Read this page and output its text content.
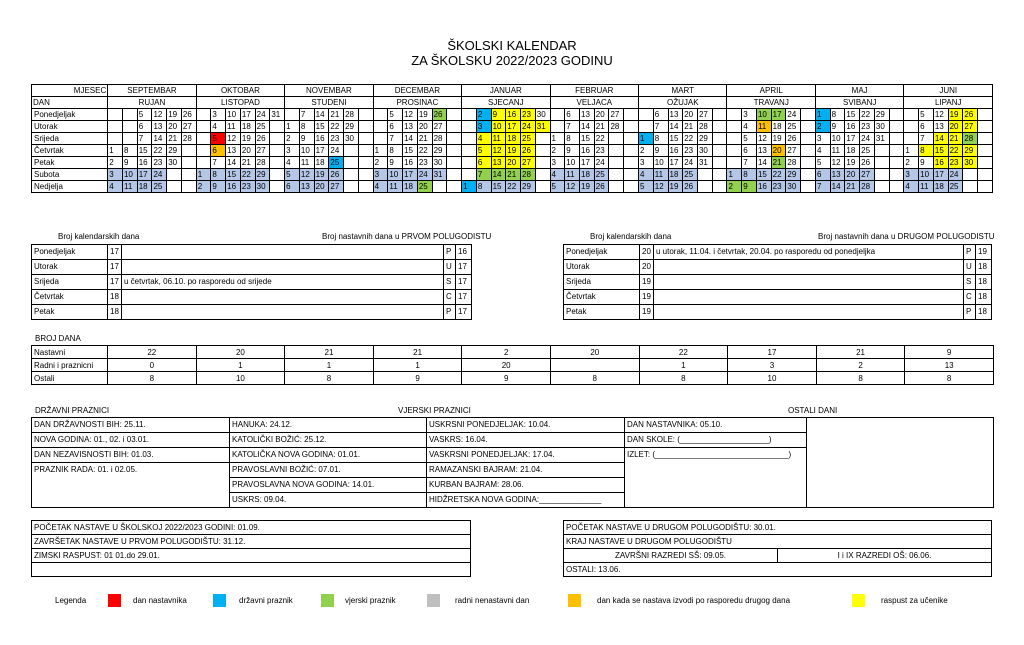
ŠKOLSKI KALENDAR
ZA ŠKOLSKU 2022/2023 GODINU
MJESEC	SEPTEMBAR						OKTOBAR						NOVEMBAR						DECEMBAR						JANUAR						FEBRUAR						MART						APRIL						MAJ						JUNI					
DAN	RUJAN						LISTOPAD						STUDENI						PROSINAC						SJECANJ						VELJACA						OŽUJAK						TRAVANJ						SVIBANJ						LIPANJ					
Ponedjeljak			5	12	19	26		3	10	17	24	31		7	14	21	28			5	12	19	26			2	9	16	23	30		6	13	20	27			6	13	20	27			3	10	17	24		1	8	15	22	29			5	12	19	26	
Utorak			6	13	20	27		4	11	18	25		1	8	15	22	29			6	13	20	27			3	10	17	24	31		7	14	21	28			7	14	21	28			4	11	18	25		2	9	16	23	30			6	13	20	27	
Srijeda			7	14	21	28		5	12	19	26		2	9	16	23	30			7	14	21	28			4	11	18	25		1	8	15	22			1	8	15	22	29			5	12	19	26		3	10	17	24	31			7	14	21	28	
Četvrtak	1	8	15	22	29			6	13	20	27		3	10	17	24			1	8	15	22	29			5	12	19	26		2	9	16	23			2	9	16	23	30			6	13	20	27		4	11	18	25			1	8	15	22	29	
Petak	2	9	16	23	30			7	14	21	28		4	11	18	25			2	9	16	23	30			6	13	20	27		3	10	17	24			3	10	17	24	31			7	14	21	28		5	12	19	26			2	9	16	23	30	
Subota	3	10	17	24			1	8	15	22	29		5	12	19	26			3	10	17	24	31			7	14	21	28		4	11	18	25			4	11	18	25			1	8	15	22	29		6	13	20	27			3	10	17	24		
Nedjelja	4	11	18	25			2	9	16	23	30		6	13	20	27			4	11	18	25			1	8	15	22	29		5	12	19	26			5	12	19	26			2	9	16	23	30		7	14	21	28			4	11	18	25		
Broj kalendarskih dana	Broj nastavnih dana u PRVOM POLUGODISTU
Ponedjeljak	17		P	16
Utorak	17		U	17
Srijeda	17	u četvrtak, 06.10. po rasporedu od srijede	S	17
Četvrtak	18		C	17
Petak	18		P	17
Broj kalendarskih dana	Broj nastavnih dana u DRUGOM POLUGODISTU
Ponedjeljak	20	u utorak, 11.04. i četvrtak, 20.04. po rasporedu od ponedjeljka	P	19
Utorak	20		U	18
Srijeda	19		S	18
Četvrtak	19		C	18
Petak	19		P	18
BROJ DANA
Nastavni	22	20	21	21	2	20	22	17	21	9
Radni i praznicni	0	1	1	1	20		1	3	2	13
Ostali	8	10	8	9	9	8	8	10	8	8
DRŽAVNI PRAZNICI	VJERSKI PRAZNICI	OSTALI DANI
DAN DRŽAVNOSTI BIH: 25.11.	HANUKA: 24.12.	USKRSNI PONEDJELJAK: 10.04.	DAN NASTAVNIKA: 05.10.	
NOVA GODINA: 01., 02. i 03.01.	KATOLIČKI BOŽIĆ: 25.12.	VASKRS: 16.04.	DAN SKOLE: (____________________)	
DAN NEZAVISNOSTI BIH: 01.03.	KATOLIČKA NOVA GODINA: 01.01.	VASKRSNI PONEDJELJAK: 17.04.	IZLET: (______________________________)	
PRAZNIK RADA: 01. i 02.05.	PRAVOSLAVNI BOŽIĆ: 07.01.	RAMAZANSKI BAJRAM: 21.04.		
	PRAVOSLAVNA NOVA GODINA: 14.01.	KURBAN BAJRAM: 28.06.		
	USKRS: 09.04.	HIDŽRETSKA NOVA GODINA:______________		
POČETAK NASTAVE U ŠKOLSKOJ 2022/2023 GODINI: 01.09.
ZAVRŠETAK NASTAVE U PRVOM POLUGODIŠTU: 31.12.
ZIMSKI RASPUST: 01 01.do 29.01.

POČETAK NASTAVE U DRUGOM POLUGODIŠTU: 30.01.
KRAJ NASTAVE U DRUGOM POLUGODIŠTU
ZAVRŠNI RAZREDI SŠ: 09.05.	I i IX RAZREDI OŠ: 06.06.
OSTALI: 13.06.
Legenda	dan nastavnika	državni praznik	vjerski praznik	radni nenastavni dan	dan kada se nastava izvodi po rasporedu drugog dana	raspust za učenike
